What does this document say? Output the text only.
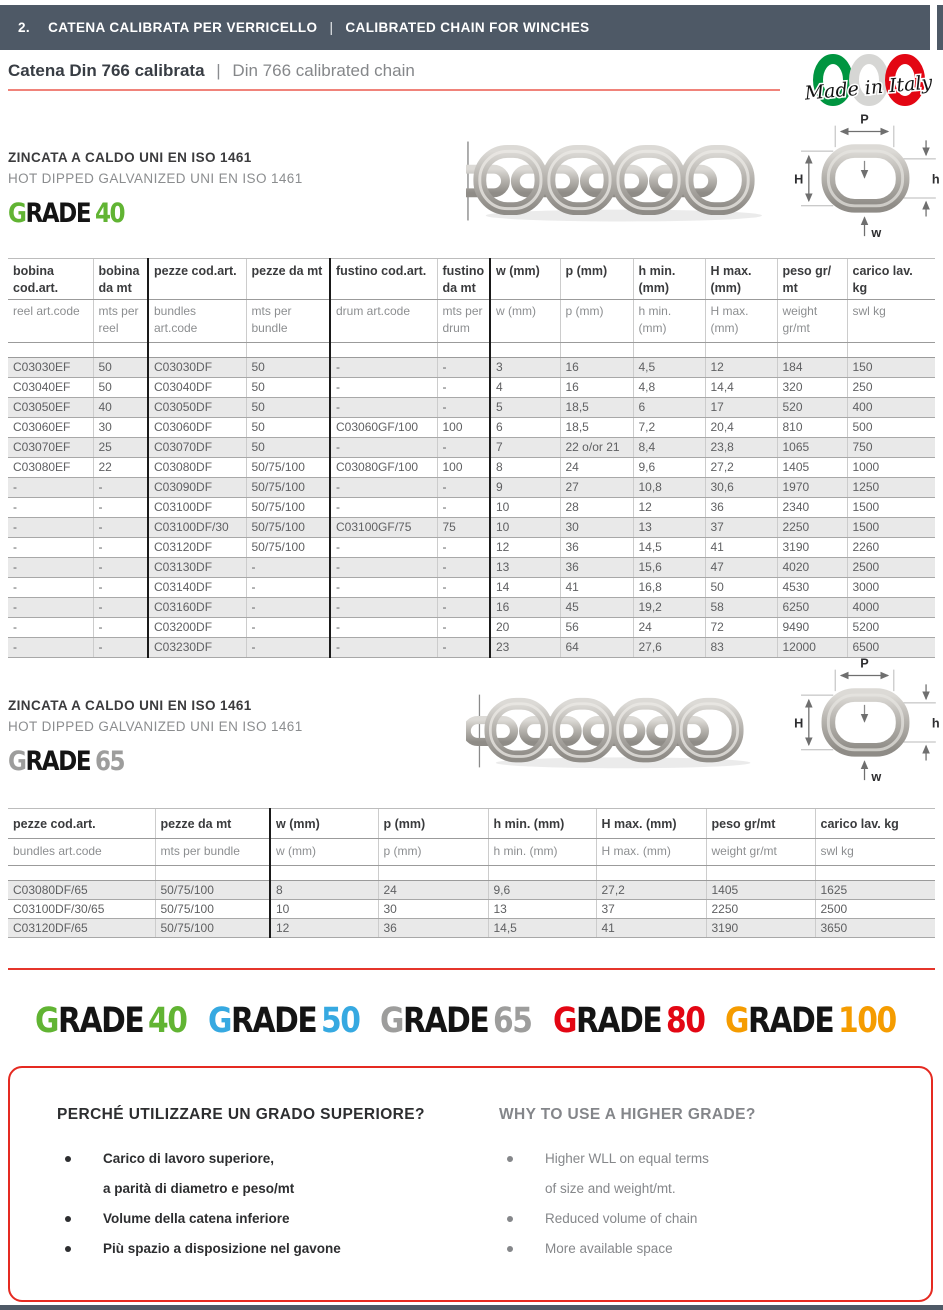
2. CATENA CALIBRATA PER VERRICELLO | CALIBRATED CHAIN FOR WINCHES
Catena Din 766 calibrata | Din 766 calibrated chain
Made in Italy
ZINCATA A CALDO UNI EN ISO 1461
HOT DIPPED GALVANIZED UNI EN ISO 1461
GRADE 40
bobina cod.art.	bobina da mt	pezze cod.art.	pezze da mt	fustino cod.art.	fustino da mt	w (mm)	p (mm)	h min. (mm)	H max. (mm)	peso gr/ mt	carico lav. kg
reel art.code	mts per reel	bundles art.code	mts per bundle	drum art.code	mts per drum	w (mm)	p (mm)	h min. (mm)	H max. (mm)	weight gr/mt	swl kg

C03030EF	50	C03030DF	50	-	-	3	16	4,5	12	184	150
C03040EF	50	C03040DF	50	-	-	4	16	4,8	14,4	320	250
C03050EF	40	C03050DF	50	-	-	5	18,5	6	17	520	400
C03060EF	30	C03060DF	50	C03060GF/100	100	6	18,5	7,2	20,4	810	500
C03070EF	25	C03070DF	50	-	-	7	22 o/or 21	8,4	23,8	1065	750
C03080EF	22	C03080DF	50/75/100	C03080GF/100	100	8	24	9,6	27,2	1405	1000
-	-	C03090DF	50/75/100	-	-	9	27	10,8	30,6	1970	1250
-	-	C03100DF	50/75/100	-	-	10	28	12	36	2340	1500
-	-	C03100DF/30	50/75/100	C03100GF/75	75	10	30	13	37	2250	1500
-	-	C03120DF	50/75/100	-	-	12	36	14,5	41	3190	2260
-	-	C03130DF	-	-	-	13	36	15,6	47	4020	2500
-	-	C03140DF	-	-	-	14	41	16,8	50	4530	3000
-	-	C03160DF	-	-	-	16	45	19,2	58	6250	4000
-	-	C03200DF	-	-	-	20	56	24	72	9490	5200
-	-	C03230DF	-	-	-	23	64	27,6	83	12000	6500
ZINCATA A CALDO UNI EN ISO 1461
HOT DIPPED GALVANIZED UNI EN ISO 1461
GRADE 65
pezze cod.art.	pezze da mt	w (mm)	p (mm)	h min. (mm)	H max. (mm)	peso gr/mt	carico lav. kg
bundles art.code	mts per bundle	w (mm)	p (mm)	h min. (mm)	H max. (mm)	weight gr/mt	swl kg

C03080DF/65	50/75/100	8	24	9,6	27,2	1405	1625
C03100DF/30/65	50/75/100	10	30	13	37	2250	2500
C03120DF/65	50/75/100	12	36	14,5	41	3190	3650
GRADE 40 GRADE 50 GRADE 65 GRADE 80 GRADE 100
PERCHÉ UTILIZZARE UN GRADO SUPERIORE?
Carico di lavoro superiore,
a parità di diametro e peso/mt
Volume della catena inferiore
Più spazio a disposizione nel gavone
WHY TO USE A HIGHER GRADE?
Higher WLL on equal terms
of size and weight/mt.
Reduced volume of chain
More available space
